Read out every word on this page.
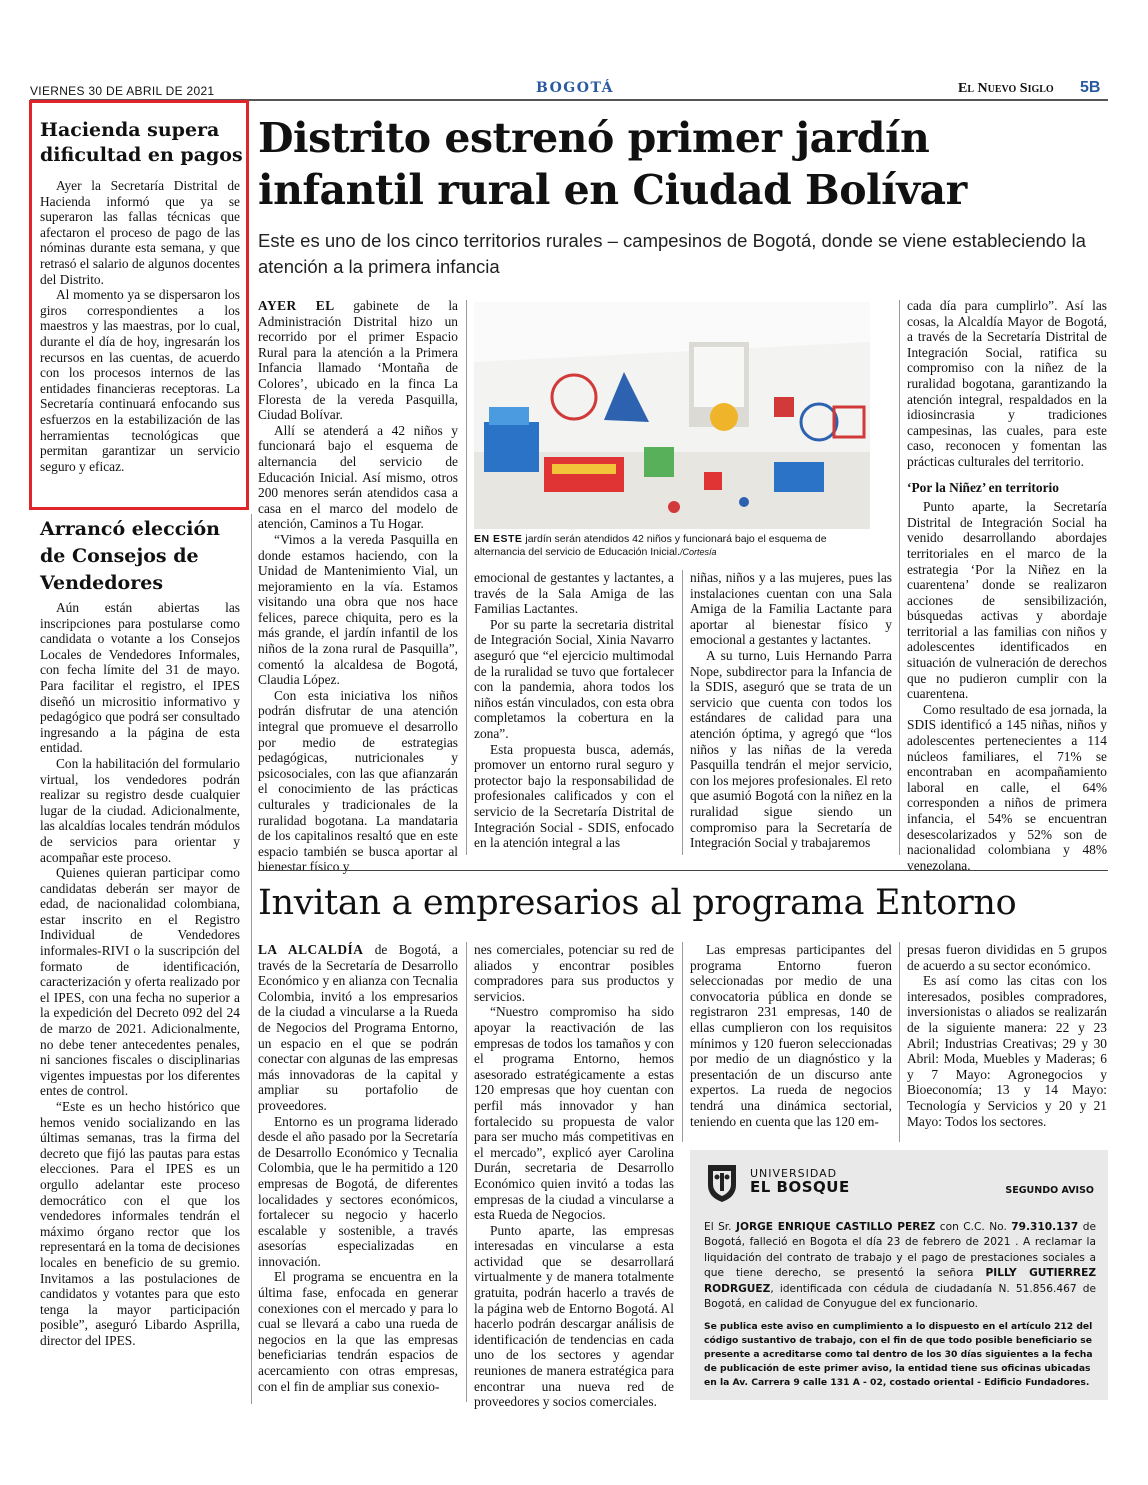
VIERNES 30 DE ABRIL DE 2021	BOGOTÁ	El Nuevo Siglo 5B
Hacienda supera dificultad en pagos

Ayer la Secretaría Distrital de Hacienda informó que ya se superaron las fallas técnicas que afectaron el proceso de pago de las nóminas durante esta semana, y que retrasó el salario de algunos docentes del Distrito.

Al momento ya se dispersaron los giros correspondientes a los maestros y las maestras, por lo cual, durante el día de hoy, ingresarán los recursos en las cuentas, de acuerdo con los procesos internos de las entidades financieras receptoras. La Secretaría continuará enfocando sus esfuerzos en la estabilización de las herramientas tecnológicas que permitan garantizar un servicio seguro y eficaz.

Arrancó elección de Consejos de Vendedores

Aún están abiertas las inscripciones para postularse como candidata o votante a los Consejos Locales de Vendedores Informales, con fecha límite del 31 de mayo. Para facilitar el registro, el IPES diseñó un micrositio informativo y pedagógico que podrá ser consultado ingresando a la página de esta entidad.

Con la habilitación del formulario virtual, los vendedores podrán realizar su registro desde cualquier lugar de la ciudad. Adicionalmente, las alcaldías locales tendrán módulos de servicios para orientar y acompañar este proceso.

Quienes quieran participar como candidatas deberán ser mayor de edad, de nacionalidad colombiana, estar inscrito en el Registro Individual de Vendedores informales-RIVI o la suscripción del formato de identificación, caracterización y oferta realizado por el IPES, con una fecha no superior a la expedición del Decreto 092 del 24 de marzo de 2021. Adicionalmente, no debe tener antecedentes penales, ni sanciones fiscales o disciplinarias vigentes impuestas por los diferentes entes de control.

“Este es un hecho histórico que hemos venido socializando en las últimas semanas, tras la firma del decreto que fijó las pautas para estas elecciones. Para el IPES es un orgullo adelantar este proceso democrático con el que los vendedores informales tendrán el máximo órgano rector que los representará en la toma de decisiones locales en beneficio de su gremio. Invitamos a las postulaciones de candidatos y votantes para que esto tenga la mayor participación posible”, aseguró Libardo Asprilla, director del IPES.

Distrito estrenó primer jardín infantil rural en Ciudad Bolívar
Este es uno de los cinco territorios rurales – campesinos de Bogotá, donde se viene estableciendo la atención a la primera infancia

AYER EL gabinete de la Administración Distrital hizo un recorrido por el primer Espacio Rural para la atención a la Primera Infancia llamado ‘Montaña de Colores’, ubicado en la finca La Floresta de la vereda Pasquilla, Ciudad Bolívar.

Allí se atenderá a 42 niños y funcionará bajo el esquema de alternancia del servicio de Educación Inicial. Así mismo, otros 200 menores serán atendidos casa a casa en el marco del modelo de atención, Caminos a Tu Hogar.

“Vimos a la vereda Pasquilla en donde estamos haciendo, con la Unidad de Mantenimiento Vial, un mejoramiento en la vía. Estamos visitando una obra que nos hace felices, parece chiquita, pero es la más grande, el jardín infantil de los niños de la zona rural de Pasquilla”, comentó la alcaldesa de Bogotá, Claudia López.

Con esta iniciativa los niños podrán disfrutar de una atención integral que promueve el desarrollo por medio de estrategias pedagógicas, nutricionales y psicosociales, con las que afianzarán el conocimiento de las prácticas culturales y tradicionales de la ruralidad bogotana. La mandataria de los capitalinos resaltó que en este espacio también se busca aportar al bienestar físico y

EN ESTE jardín serán atendidos 42 niños y funcionará bajo el esquema de alternancia del servicio de Educación Inicial./Cortesía

emocional de gestantes y lactantes, a través de la Sala Amiga de las Familias Lactantes.

Por su parte la secretaria distrital de Integración Social, Xinia Navarro aseguró que “el ejercicio multimodal de la ruralidad se tuvo que fortalecer con la pandemia, ahora todos los niños están vinculados, con esta obra completamos la cobertura en la zona”.

Esta propuesta busca, además, promover un entorno rural seguro y protector bajo la responsabilidad de profesionales calificados y con el servicio de la Secretaría Distrital de Integración Social - SDIS, enfocado en la atención integral a las

niñas, niños y a las mujeres, pues las instalaciones cuentan con una Sala Amiga de la Familia Lactante para aportar al bienestar físico y emocional a gestantes y lactantes.

A su turno, Luis Hernando Parra Nope, subdirector para la Infancia de la SDIS, aseguró que se trata de un servicio que cuenta con todos los estándares de calidad para una atención óptima, y agregó que “los niños y las niñas de la vereda Pasquilla tendrán el mejor servicio, con los mejores profesionales. El reto que asumió Bogotá con la niñez en la ruralidad sigue siendo un compromiso para la Secretaría de Integración Social y trabajaremos

cada día para cumplirlo”. Así las cosas, la Alcaldía Mayor de Bogotá, a través de la Secretaría Distrital de Integración Social, ratifica su compromiso con la niñez de la ruralidad bogotana, garantizando la atención integral, respaldados en la idiosincrasia y tradiciones campesinas, las cuales, para este caso, reconocen y fomentan las prácticas culturales del territorio.

‘Por la Niñez’ en territorio

Punto aparte, la Secretaría Distrital de Integración Social ha venido desarrollando abordajes territoriales en el marco de la estrategia ‘Por la Niñez en la cuarentena’ donde se realizaron acciones de sensibilización, búsquedas activas y abordaje territorial a las familias con niños y adolescentes identificados en situación de vulneración de derechos que no pudieron cumplir con la cuarentena.

Como resultado de esa jornada, la SDIS identificó a 145 niñas, niños y adolescentes pertenecientes a 114 núcleos familiares, el 71% se encontraban en acompañamiento laboral en calle, el 64% corresponden a niños de primera infancia, el 54% se encuentran desescolarizados y 52% son de nacionalidad colombiana y 48% venezolana.

Invitan a empresarios al programa Entorno

LA ALCALDÍA de Bogotá, a través de la Secretaría de Desarrollo Económico y en alianza con Tecnalia Colombia, invitó a los empresarios de la ciudad a vincularse a la Rueda de Negocios del Programa Entorno, un espacio en el que se podrán conectar con algunas de las empresas más innovadoras de la capital y ampliar su portafolio de proveedores.

Entorno es un programa liderado desde el año pasado por la Secretaría de Desarrollo Económico y Tecnalia Colombia, que le ha permitido a 120 empresas de Bogotá, de diferentes localidades y sectores económicos, fortalecer su negocio y hacerlo escalable y sostenible, a través asesorías especializadas en innovación.

El programa se encuentra en la última fase, enfocada en generar conexiones con el mercado y para lo cual se llevará a cabo una rueda de negocios en la que las empresas beneficiarias tendrán espacios de acercamiento con otras empresas, con el fin de ampliar sus conexio-

nes comerciales, potenciar su red de aliados y encontrar posibles compradores para sus productos y servicios.

“Nuestro compromiso ha sido apoyar la reactivación de las empresas de todos los tamaños y con el programa Entorno, hemos asesorado estratégicamente a estas 120 empresas que hoy cuentan con perfil más innovador y han fortalecido su propuesta de valor para ser mucho más competitivas en el mercado”, explicó ayer Carolina Durán, secretaria de Desarrollo Económico quien invitó a todas las empresas de la ciudad a vincularse a esta Rueda de Negocios.

Punto aparte, las empresas interesadas en vincularse a esta actividad que se desarrollará virtualmente y de manera totalmente gratuita, podrán hacerlo a través de la página web de Entorno Bogotá. Al hacerlo podrán descargar análisis de identificación de tendencias en cada uno de los sectores y agendar reuniones de manera estratégica para encontrar una nueva red de proveedores y socios comerciales.

Las empresas participantes del programa Entorno fueron seleccionadas por medio de una convocatoria pública en donde se registraron 231 empresas, 140 de ellas cumplieron con los requisitos mínimos y 120 fueron seleccionadas por medio de un diagnóstico y la presentación de un discurso ante expertos. La rueda de negocios tendrá una dinámica sectorial, teniendo en cuenta que las 120 em-

presas fueron divididas en 5 grupos de acuerdo a su sector económico.

Es así como las citas con los interesados, posibles compradores, inversionistas o aliados se realizarán de la siguiente manera: 22 y 23 Abril; Industrias Creativas; 29 y 30 Abril: Moda, Muebles y Maderas; 6 y 7 Mayo: Agronegocios y Bioeconomía; 13 y 14 Mayo: Tecnología y Servicios y 20 y 21 Mayo: Todos los sectores.

UNIVERSIDAD
EL BOSQUE	SEGUNDO AVISO
El Sr. JORGE ENRIQUE CASTILLO PEREZ con C.C. No. 79.310.137 de Bogotá, falleció en Bogota el día 23 de febrero de 2021 . A reclamar la liquidación del contrato de trabajo y el pago de prestaciones sociales a que tiene derecho, se presentó la señora PILLY GUTIERREZ RODRGUEZ, identificada con cédula de ciudadanía N. 51.856.467 de Bogotá, en calidad de Conyugue del ex funcionario.
Se publica este aviso en cumplimiento a lo dispuesto en el artículo 212 del código sustantivo de trabajo, con el fin de que todo posible beneficiario se presente a acreditarse como tal dentro de los 30 días siguientes a la fecha de publicación de este primer aviso, la entidad tiene sus oficinas ubicadas en la Av. Carrera 9 calle 131 A - 02, costado oriental - Edificio Fundadores.
